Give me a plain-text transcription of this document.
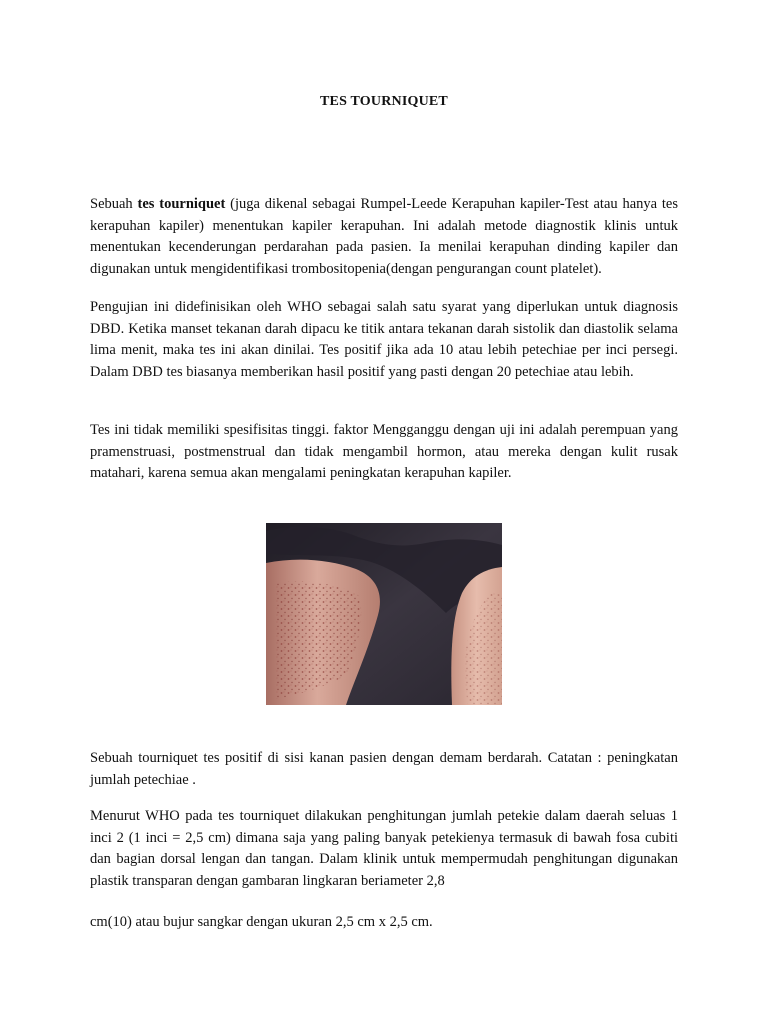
TES TOURNIQUET

Sebuah tes tourniquet (juga dikenal sebagai Rumpel-Leede Kerapuhan kapiler-Test atau hanya tes kerapuhan kapiler) menentukan kapiler kerapuhan. Ini adalah metode diagnostik klinis untuk menentukan kecenderungan perdarahan pada pasien. Ia menilai kerapuhan dinding kapiler dan digunakan untuk mengidentifikasi trombositopenia(dengan pengurangan count platelet).

Pengujian ini didefinisikan oleh WHO sebagai salah satu syarat yang diperlukan untuk diagnosis DBD. Ketika manset tekanan darah dipacu ke titik antara tekanan darah sistolik dan diastolik selama lima menit, maka tes ini akan dinilai. Tes positif jika ada 10 atau lebih petechiae per inci persegi. Dalam DBD tes biasanya memberikan hasil positif yang pasti dengan 20 petechiae atau lebih.

Tes ini tidak memiliki spesifisitas tinggi. faktor Mengganggu dengan uji ini adalah perempuan yang pramenstruasi, postmenstrual dan tidak mengambil hormon, atau mereka dengan kulit rusak matahari, karena semua akan mengalami peningkatan kerapuhan kapiler.

Sebuah tourniquet tes positif di sisi kanan pasien dengan demam berdarah. Catatan : peningkatan jumlah petechiae .

Menurut WHO pada tes tourniquet dilakukan penghitungan jumlah petekie dalam daerah seluas 1 inci 2 (1 inci = 2,5 cm) dimana saja yang paling banyak petekienya termasuk di bawah fosa cubiti dan bagian dorsal lengan dan tangan. Dalam klinik untuk mempermudah penghitungan digunakan plastik transparan dengan gambaran lingkaran beriameter 2,8

cm(10) atau bujur sangkar dengan ukuran 2,5 cm x 2,5 cm.
